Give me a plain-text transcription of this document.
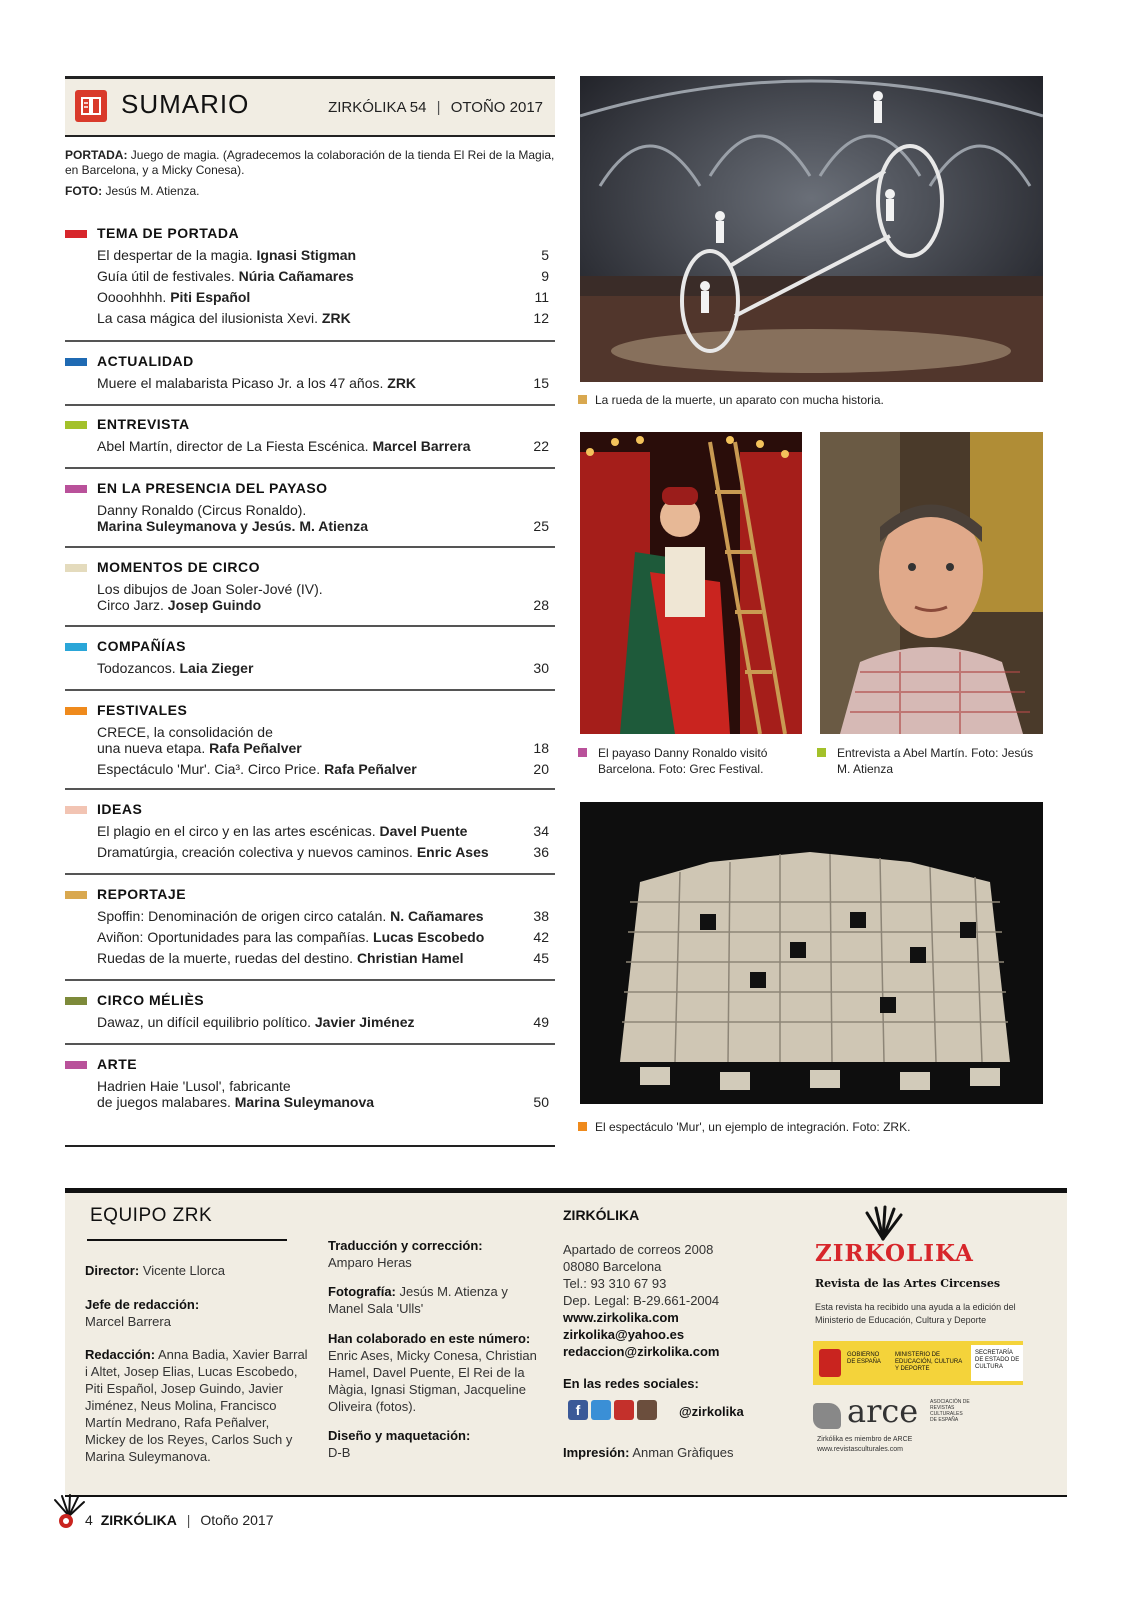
SUMARIO	ZIRKÓLIKA 54 | OTOÑO 2017
PORTADA: Juego de magia. (Agradecemos la colaboración de la tienda El Rei de la Magia, en Barcelona, y a Micky Conesa).
FOTO: Jesús M. Atienza.
TEMA DE PORTADA
El despertar de la magia. Ignasi Stigman	5
Guía útil de festivales. Núria Cañamares	9
Oooohhhh. Piti Español	11
La casa mágica del ilusionista Xevi. ZRK	12
ACTUALIDAD
Muere el malabarista Picaso Jr. a los 47 años. ZRK	15
ENTREVISTA
Abel Martín, director de La Fiesta Escénica. Marcel Barrera	22
EN LA PRESENCIA DEL PAYASO
Danny Ronaldo (Circus Ronaldo).
Marina Suleymanova y Jesús. M. Atienza	25
MOMENTOS DE CIRCO
Los dibujos de Joan Soler-Jové (IV).
Circo Jarz. Josep Guindo	28
COMPAÑÍAS
Todozancos. Laia Zieger	30
FESTIVALES
CRECE, la consolidación de
una nueva etapa. Rafa Peñalver	18
Espectáculo 'Mur'. Cia³. Circo Price. Rafa Peñalver	20
IDEAS
El plagio en el circo y en las artes escénicas. Davel Puente	34
Dramatúrgia, creación colectiva y nuevos caminos. Enric Ases	36
REPORTAJE
Spoffin: Denominación de origen circo catalán. N. Cañamares	38
Aviñon: Oportunidades para las compañías. Lucas Escobedo	42
Ruedas de la muerte, ruedas del destino. Christian Hamel	45
CIRCO MÉLIÈS
Dawaz, un difícil equilibrio político. Javier Jiménez	49
ARTE
Hadrien Haie 'Lusol', fabricante
de juegos malabares. Marina Suleymanova	50
La rueda de la muerte, un aparato con mucha historia.
El payaso Danny Ronaldo visitó Barcelona. Foto: Grec Festival.
Entrevista a Abel Martín. Foto: Jesús M. Atienza
El espectáculo 'Mur', un ejemplo de integración. Foto: ZRK.
EQUIPO ZRK
Director: Vicente Llorca
Jefe de redacción:
Marcel Barrera
Redacción: Anna Badia, Xavier Barral i Altet, Josep Elias, Lucas Escobedo, Piti Español, Josep Guindo, Javier Jiménez, Neus Molina, Francisco Martín Medrano, Rafa Peñalver, Mickey de los Reyes, Carlos Such y Marina Suleymanova.
Traducción y corrección:
Amparo Heras
Fotografía: Jesús M. Atienza y Manel Sala 'Ulls'
Han colaborado en este número: Enric Ases, Micky Conesa, Christian Hamel, Davel Puente, El Rei de la Màgia, Ignasi Stigman, Jacqueline Oliveira (fotos).
Diseño y maquetación:
D-B
ZIRKÓLIKA
Apartado de correos 2008
08080 Barcelona
Tel.: 93 310 67 93
Dep. Legal: B-29.661-2004
www.zirkolika.com
zirkolika@yahoo.es
redaccion@zirkolika.com
En las redes sociales:
f	@zirkolika
Impresión: Anman Gràfiques
ZIRKOLIKA
Revista de las Artes Circenses
Esta revista ha recibido una ayuda a la edición del Ministerio de Educación, Cultura y Deporte
GOBIERNO DE ESPAÑA
MINISTERIO DE EDUCACIÓN, CULTURA Y DEPORTE
SECRETARÍA DE ESTADO DE CULTURA
arce ASOCIACIÓN DE REVISTAS CULTURALES DE ESPAÑA
Zirkólika es miembro de ARCE
www.revistasculturales.com
4 ZIRKÓLIKA | Otoño 2017
